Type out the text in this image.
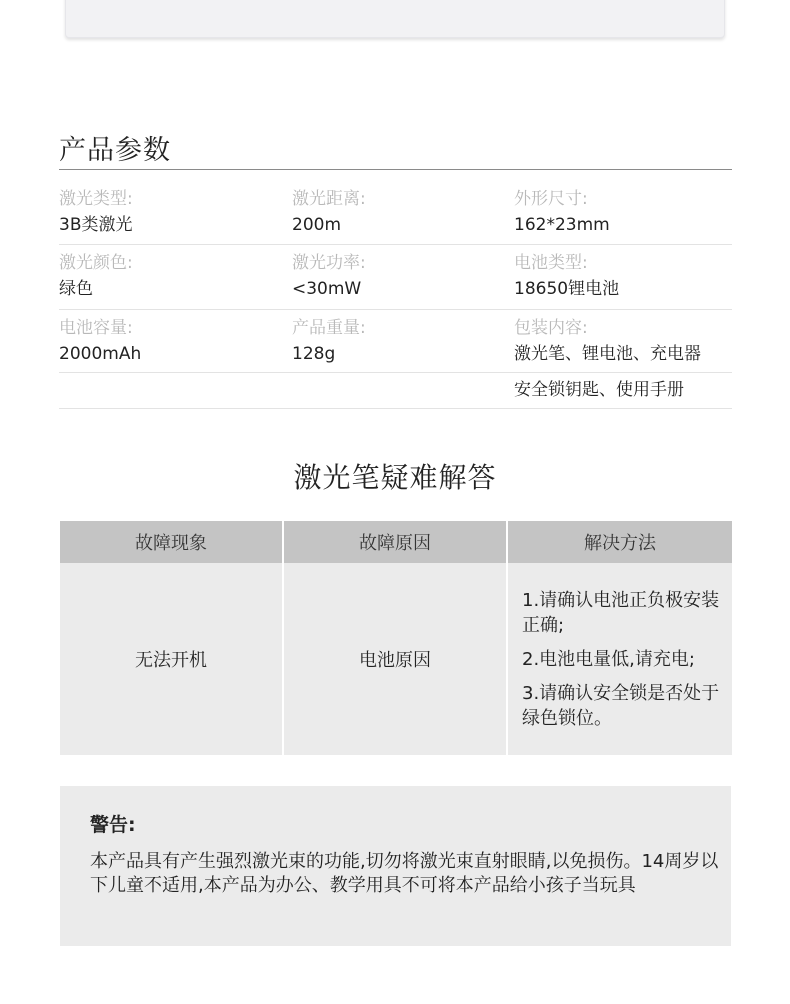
产品参数
激光类型:
3B类激光
激光距离:
200m
外形尺寸:
162*23mm
激光颜色:
绿色
激光功率:
<30mW
电池类型:
18650锂电池
电池容量:
2000mAh
产品重量:
128g
包装内容:
激光笔、锂电池、充电器
安全锁钥匙、使用手册
激光笔疑难解答
故障现象	故障原因	解决方法
无法开机	电池原因	1.请确认电池正负极安装正确;
2.电池电量低,请充电;
3.请确认安全锁是否处于绿色锁位。
警告:
本产品具有产生强烈激光束的功能,切勿将激光束直射眼睛,以免损伤。14周岁以下儿童不适用,本产品为办公、教学用具不可将本产品给小孩子当玩具
